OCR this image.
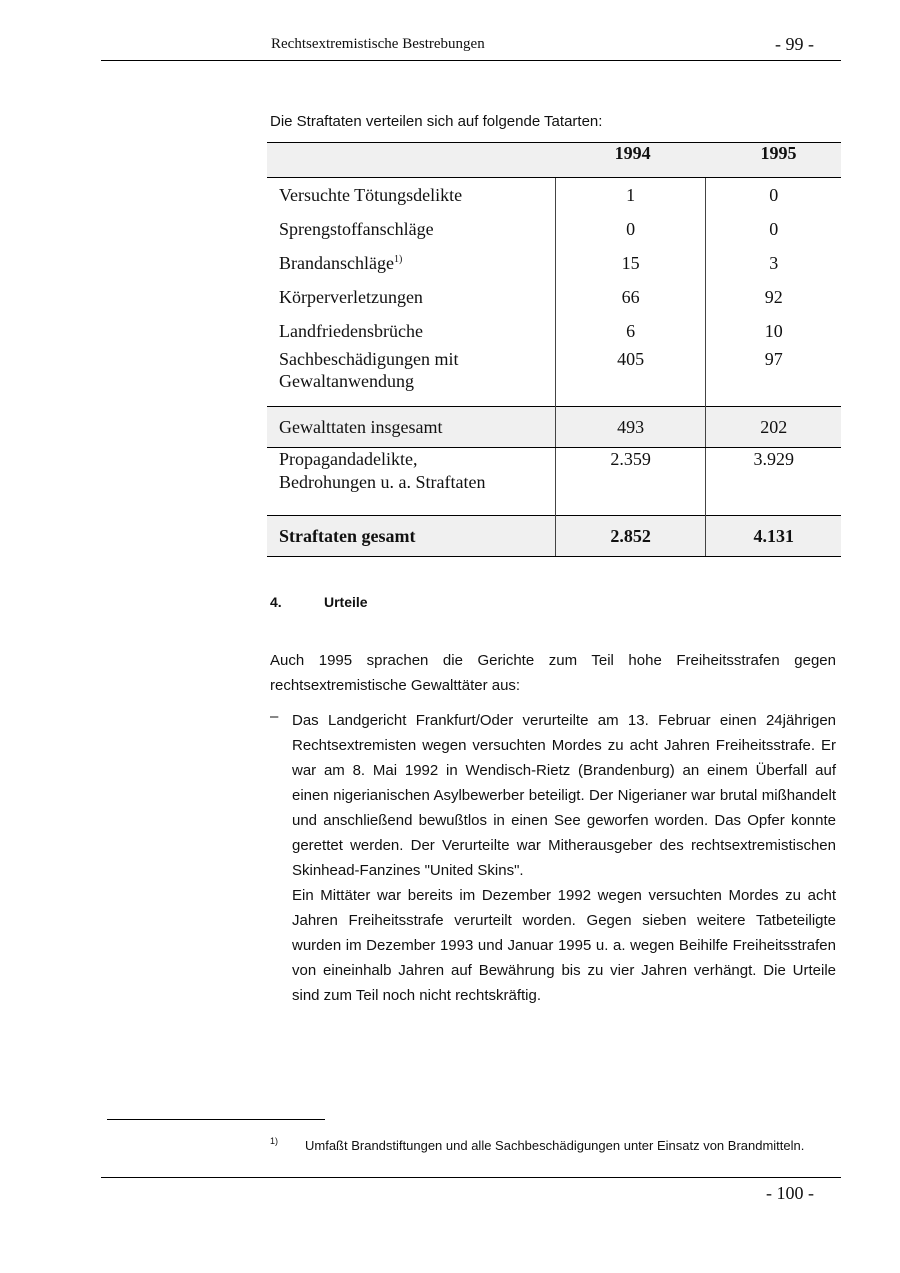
Rechtsextremistische Bestrebungen	- 99 -
Die Straftaten verteilen sich auf folgende Tatarten:
	1994	1995
Versuchte Tötungsdelikte	1	0
Sprengstoffanschläge	0	0
Brandanschläge$^{1)}$	15	3
Körperverletzungen	66	92
Landfriedensbrüche	6	10

Sachbeschädigungen mit
Gewaltanwendung	405	97
Gewalttaten insgesamt	493	202

Propagandadelikte,
Bedrohungen u. a. Straftaten	2.359	3.929
Straftaten gesamt	2.852	4.131
4.	Urteile
Auch 1995 sprachen die Gerichte zum Teil hohe Freiheitsstrafen gegen rechtsextremistische Gewalttäter aus:
– Das Landgericht Frankfurt/Oder verurteilte am 13. Februar einen 24jährigen Rechtsextremisten wegen versuchten Mordes zu acht Jahren Freiheitsstrafe. Er war am 8. Mai 1992 in Wendisch-Rietz (Brandenburg) an einem Überfall auf einen nigerianischen Asylbewerber beteiligt. Der Nigerianer war brutal mißhandelt und anschließend bewußtlos in einen See geworfen worden. Das Opfer konnte gerettet werden. Der Verurteilte war Mitherausgeber des rechtsextremistischen Skinhead-Fanzines "United Skins".
Ein Mittäter war bereits im Dezember 1992 wegen versuchten Mordes zu acht Jahren Freiheitsstrafe verurteilt worden. Gegen sieben weitere Tatbeteiligte wurden im Dezember 1993 und Januar 1995 u. a. wegen Beihilfe Freiheitsstrafen von eineinhalb Jahren auf Bewährung bis zu vier Jahren verhängt. Die Urteile sind zum Teil noch nicht rechtskräftig.
1) Umfaßt Brandstiftungen und alle Sachbeschädigungen unter Einsatz von Brandmitteln.
- 100 -
